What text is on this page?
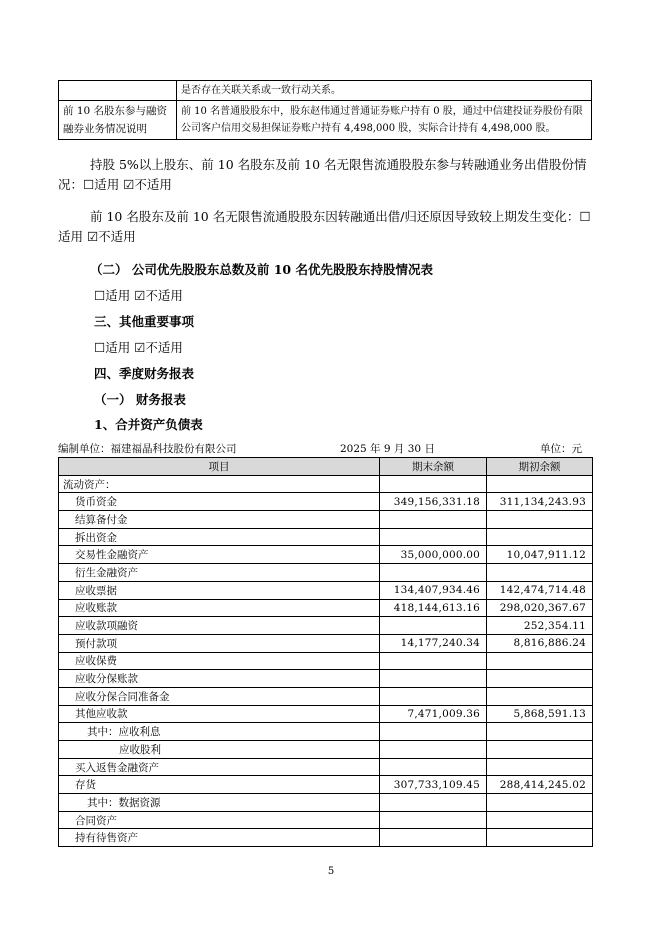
	是否存在关联关系或一致行动关系。
前 10 名股东参与融资融券业务情况说明	前 10 名普通股股东中，股东赵伟通过普通证券账户持有 0 股，通过中信建投证券股份有限公司客户信用交易担保证券账户持有 4,498,000 股，实际合计持有 4,498,000 股。
持股 5%以上股东、前 10 名股东及前 10 名无限售流通股股东参与转融通业务出借股份情况：☐适用 ☑不适用
前 10 名股东及前 10 名无限售流通股股东因转融通出借/归还原因导致较上期发生变化：☐适用 ☑不适用
（二） 公司优先股股东总数及前 10 名优先股股东持股情况表
☐适用 ☑不适用
三、其他重要事项
☐适用 ☑不适用
四、季度财务报表
（一） 财务报表
1、合并资产负债表
编制单位：福建福晶科技股份有限公司	2025 年 9 月 30 日	单位：元
项目	期末余额	期初余额
流动资产：		
货币资金	349,156,331.18	311,134,243.93
结算备付金		
拆出资金		
交易性金融资产	35,000,000.00	10,047,911.12
衍生金融资产		
应收票据	134,407,934.46	142,474,714.48
应收账款	418,144,613.16	298,020,367.67
应收款项融资		252,354.11
预付款项	14,177,240.34	8,816,886.24
应收保费		
应收分保账款		
应收分保合同准备金		
其他应收款	7,471,009.36	5,868,591.13
其中：应收利息		
应收股利		
买入返售金融资产		
存货	307,733,109.45	288,414,245.02
其中：数据资源		
合同资产		
持有待售资产		
5
